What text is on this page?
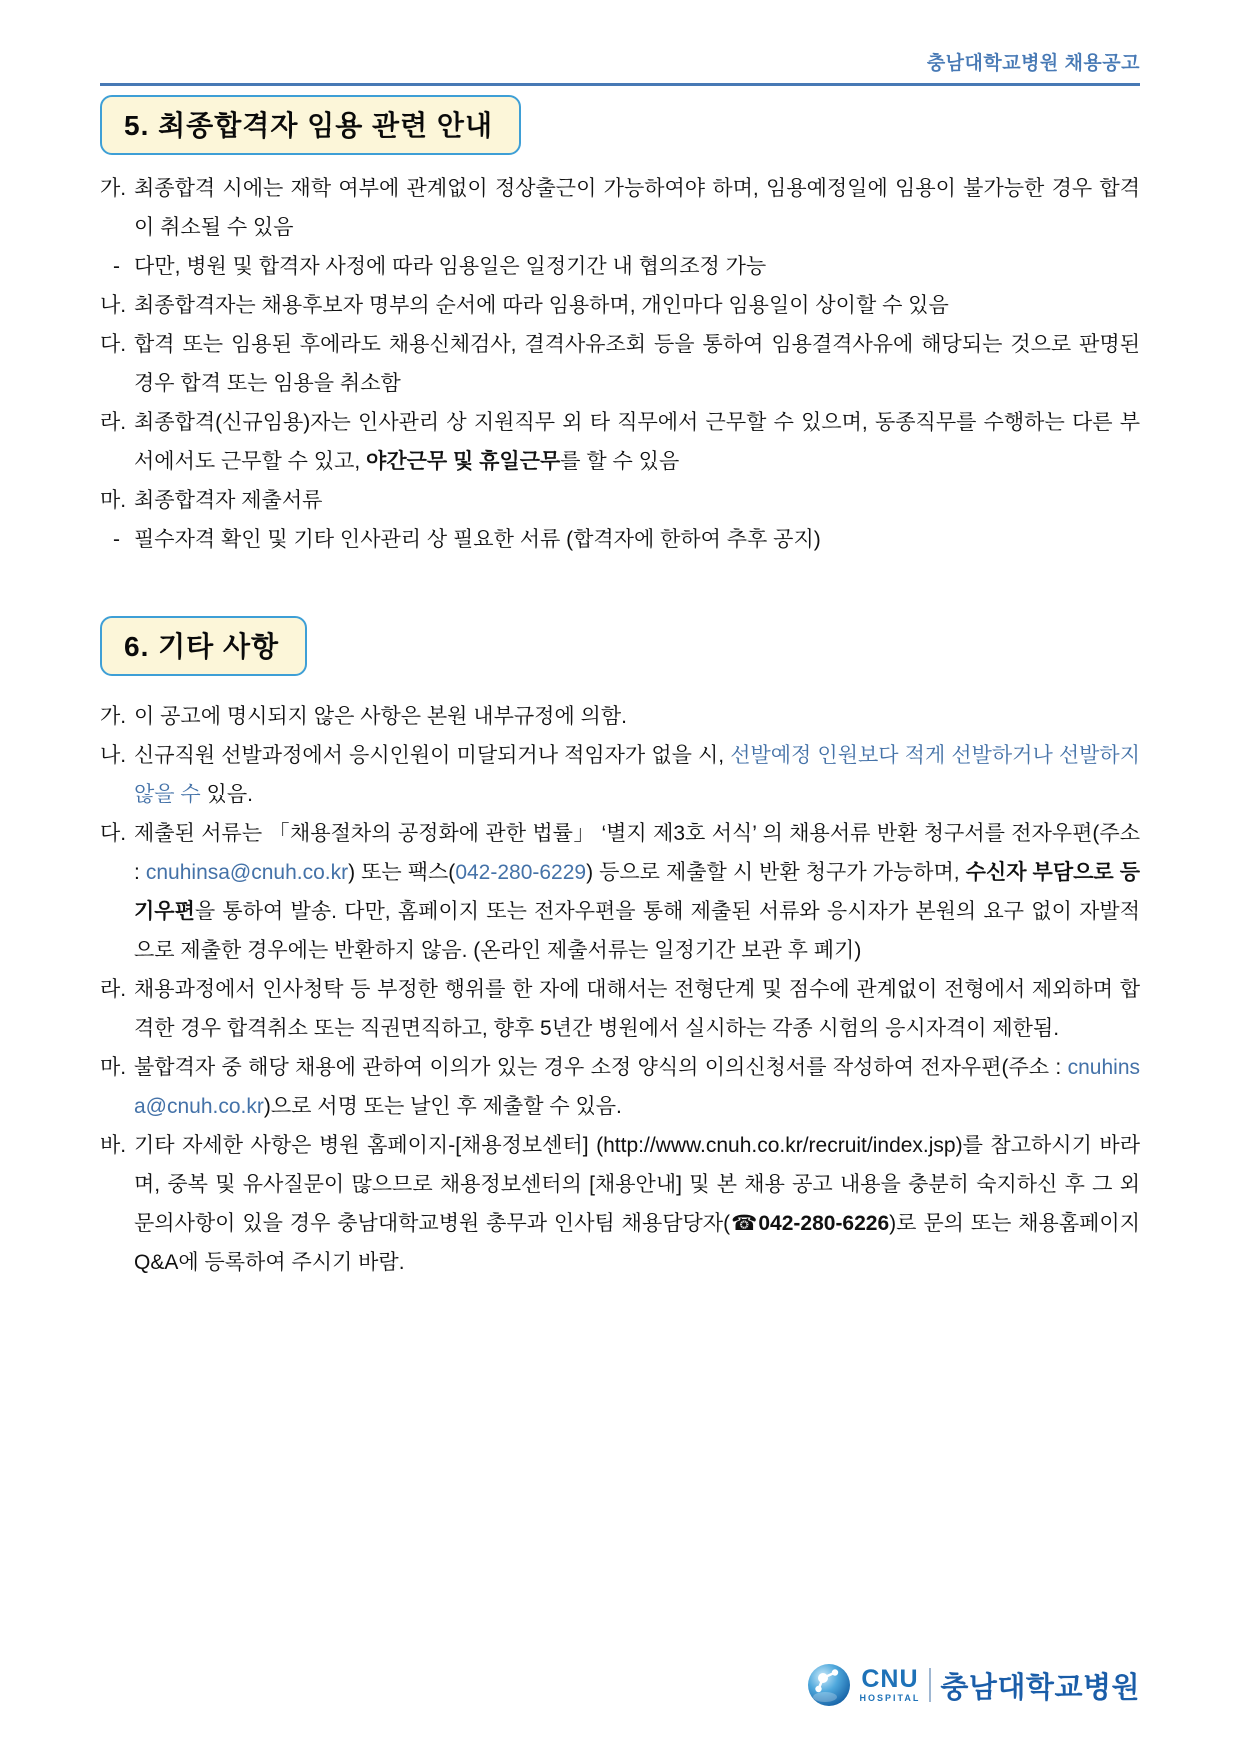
충남대학교병원 채용공고
5. 최종합격자 임용 관련 안내
가. 최종합격 시에는 재학 여부에 관계없이 정상출근이 가능하여야 하며, 임용예정일에 임용이 불가능한 경우 합격이 취소될 수 있음
- 다만, 병원 및 합격자 사정에 따라 임용일은 일정기간 내 협의조정 가능
나. 최종합격자는 채용후보자 명부의 순서에 따라 임용하며, 개인마다 임용일이 상이할 수 있음
다. 합격 또는 임용된 후에라도 채용신체검사, 결격사유조회 등을 통하여 임용결격사유에 해당되는 것으로 판명된 경우 합격 또는 임용을 취소함
라. 최종합격(신규임용)자는 인사관리 상 지원직무 외 타 직무에서 근무할 수 있으며, 동종직무를 수행하는 다른 부서에서도 근무할 수 있고, 야간근무 및 휴일근무를 할 수 있음
마. 최종합격자 제출서류
- 필수자격 확인 및 기타 인사관리 상 필요한 서류 (합격자에 한하여 추후 공지)
6. 기타 사항
가. 이 공고에 명시되지 않은 사항은 본원 내부규정에 의함.
나. 신규직원 선발과정에서 응시인원이 미달되거나 적임자가 없을 시, 선발예정 인원보다 적게 선발하거나 선발하지 않을 수 있음.
다. 제출된 서류는 「채용절차의 공정화에 관한 법률」 ‘별지 제3호 서식’ 의 채용서류 반환 청구서를 전자우편(주소 : cnuhinsa@cnuh.co.kr) 또는 팩스(042-280-6229) 등으로 제출할 시 반환 청구가 가능하며, 수신자 부담으로 등기우편을 통하여 발송. 다만, 홈페이지 또는 전자우편을 통해 제출된 서류와 응시자가 본원의 요구 없이 자발적으로 제출한 경우에는 반환하지 않음. (온라인 제출서류는 일정기간 보관 후 폐기)
라. 채용과정에서 인사청탁 등 부정한 행위를 한 자에 대해서는 전형단계 및 점수에 관계없이 전형에서 제외하며 합격한 경우 합격취소 또는 직권면직하고, 향후 5년간 병원에서 실시하는 각종 시험의 응시자격이 제한됨.
마. 불합격자 중 해당 채용에 관하여 이의가 있는 경우 소정 양식의 이의신청서를 작성하여 전자우편(주소 : cnuhinsa@cnuh.co.kr)으로 서명 또는 날인 후 제출할 수 있음.
바. 기타 자세한 사항은 병원 홈페이지-[채용정보센터] (http://www.cnuh.co.kr/recruit/index.jsp)를 참고하시기 바라며, 중복 및 유사질문이 많으므로 채용정보센터의 [채용안내] 및 본 채용 공고 내용을 충분히 숙지하신 후 그 외 문의사항이 있을 경우 충남대학교병원 총무과 인사팀 채용담당자(☎042-280-6226)로 문의 또는 채용홈페이지 Q&A에 등록하여 주시기 바람.
CNU
HOSPITAL 충남대학교병원
